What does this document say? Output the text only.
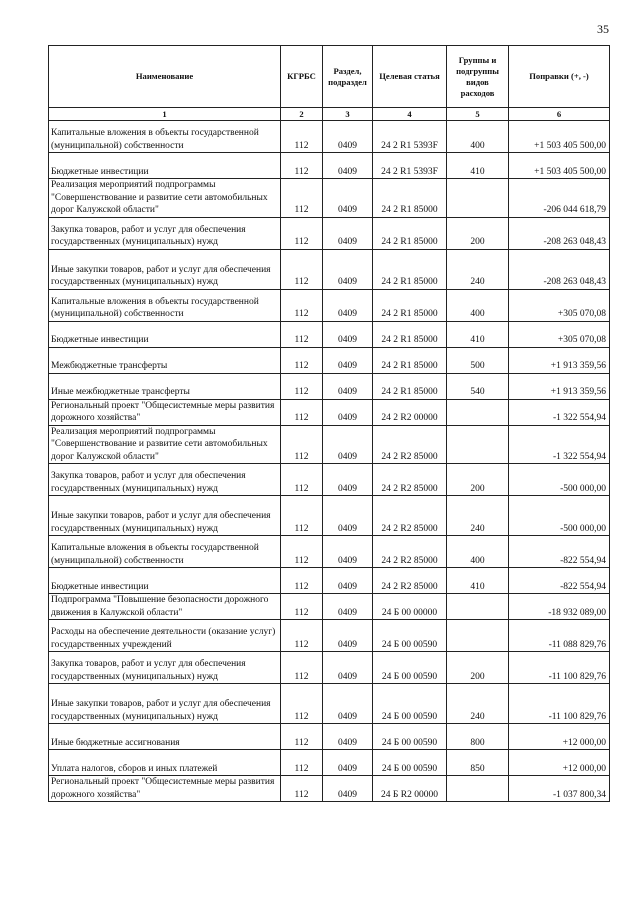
35
Наименование	КГРБС	Раздел, подраздел	Целевая статья	Группы и подгруппы видов расходов	Поправки (+, -)
1	2	3	4	5	6
Капитальные вложения в объекты государственной (муниципальной) собственности	112	0409	24 2 R1 5393F	400	+1 503 405 500,00
Бюджетные инвестиции	112	0409	24 2 R1 5393F	410	+1 503 405 500,00
Реализация мероприятий подпрограммы "Совершенствование и развитие сети автомобильных дорог Калужской области"	112	0409	24 2 R1 85000		-206 044 618,79
Закупка товаров, работ и услуг для обеспечения государственных (муниципальных) нужд	112	0409	24 2 R1 85000	200	-208 263 048,43
Иные закупки товаров, работ и услуг для обеспечения государственных (муниципальных) нужд	112	0409	24 2 R1 85000	240	-208 263 048,43
Капитальные вложения в объекты государственной (муниципальной) собственности	112	0409	24 2 R1 85000	400	+305 070,08
Бюджетные инвестиции	112	0409	24 2 R1 85000	410	+305 070,08
Межбюджетные трансферты	112	0409	24 2 R1 85000	500	+1 913 359,56
Иные межбюджетные трансферты	112	0409	24 2 R1 85000	540	+1 913 359,56
Региональный проект "Общесистемные меры развития дорожного хозяйства"	112	0409	24 2 R2 00000		-1 322 554,94
Реализация мероприятий подпрограммы "Совершенствование и развитие сети автомобильных дорог Калужской области"	112	0409	24 2 R2 85000		-1 322 554,94
Закупка товаров, работ и услуг для обеспечения государственных (муниципальных) нужд	112	0409	24 2 R2 85000	200	-500 000,00
Иные закупки товаров, работ и услуг для обеспечения государственных (муниципальных) нужд	112	0409	24 2 R2 85000	240	-500 000,00
Капитальные вложения в объекты государственной (муниципальной) собственности	112	0409	24 2 R2 85000	400	-822 554,94
Бюджетные инвестиции	112	0409	24 2 R2 85000	410	-822 554,94
Подпрограмма "Повышение безопасности дорожного движения в Калужской области"	112	0409	24 Б 00 00000		-18 932 089,00
Расходы на обеспечение деятельности (оказание услуг) государственных учреждений	112	0409	24 Б 00 00590		-11 088 829,76
Закупка товаров, работ и услуг для обеспечения государственных (муниципальных) нужд	112	0409	24 Б 00 00590	200	-11 100 829,76
Иные закупки товаров, работ и услуг для обеспечения государственных (муниципальных) нужд	112	0409	24 Б 00 00590	240	-11 100 829,76
Иные бюджетные ассигнования	112	0409	24 Б 00 00590	800	+12 000,00
Уплата налогов, сборов и иных платежей	112	0409	24 Б 00 00590	850	+12 000,00
Региональный проект "Общесистемные меры развития дорожного хозяйства"	112	0409	24 Б R2 00000		-1 037 800,34
